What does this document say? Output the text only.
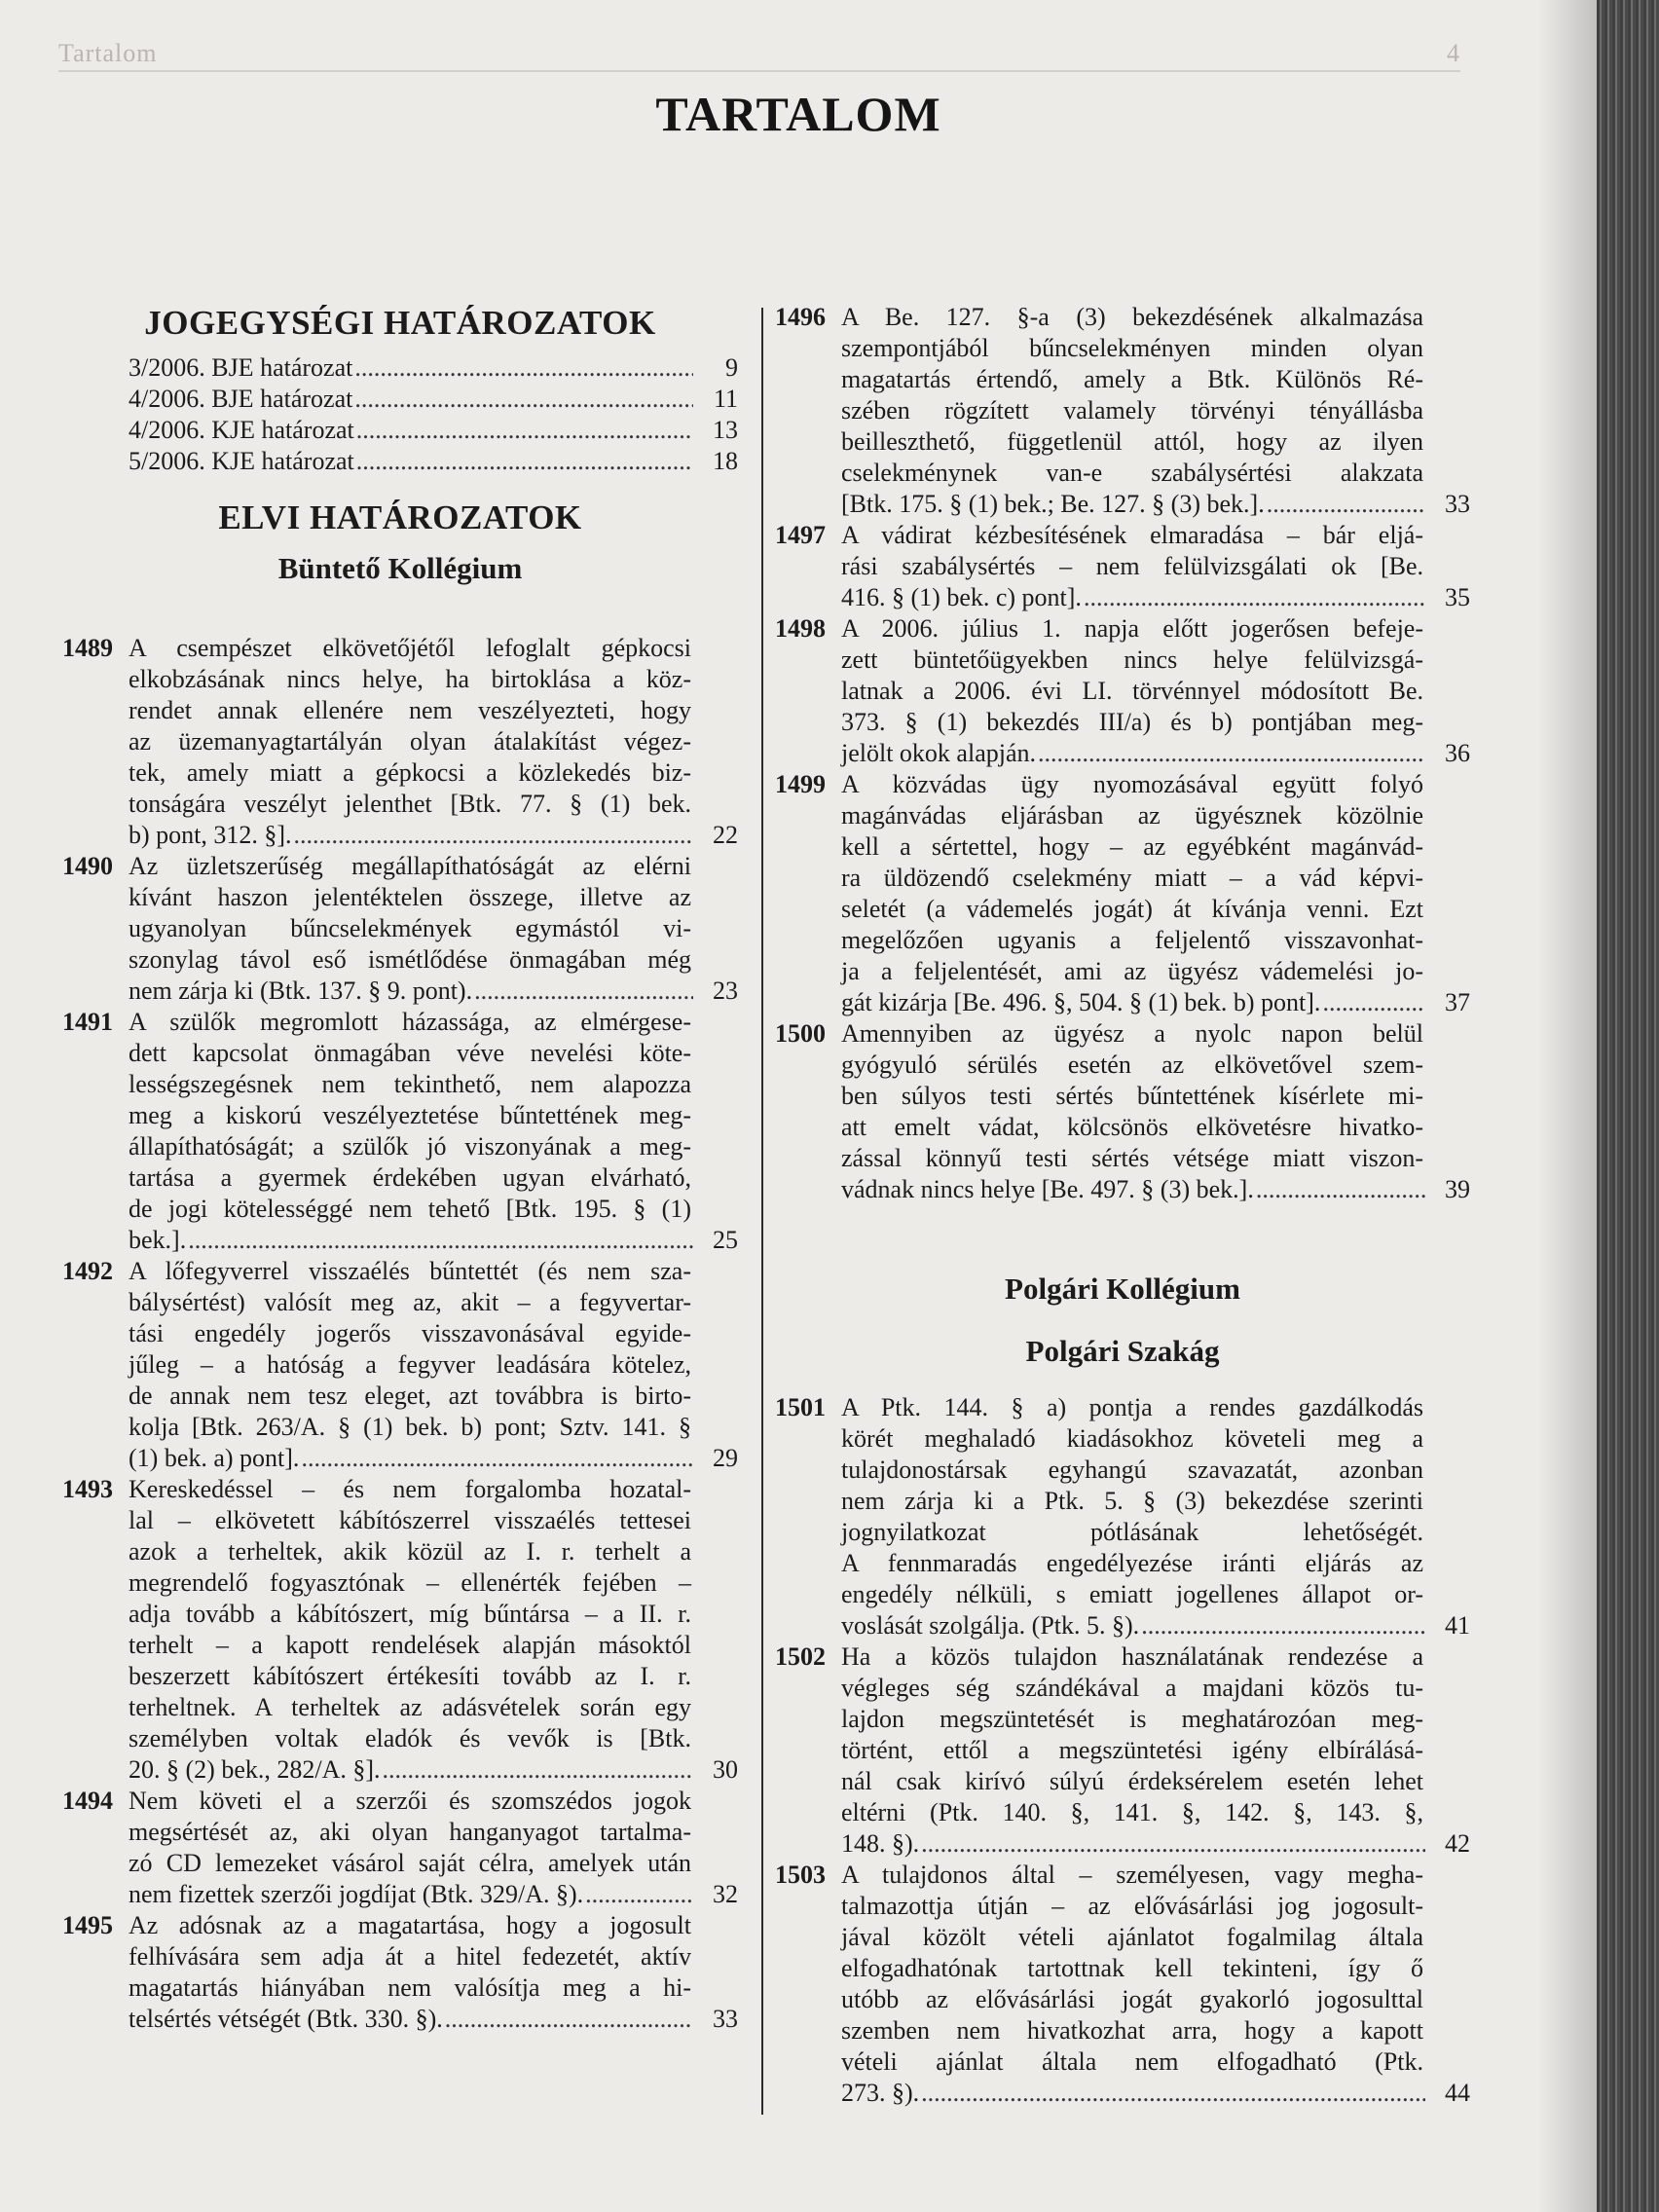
Tartalom	4
TARTALOM
JOGEGYSÉGI HATÁROZATOK
3/2006. BJE határozat .....	9
4/2006. BJE határozat .....	11
4/2006. KJE határozat .....	13
5/2006. KJE határozat .....	18
ELVI HATÁROZATOK
Büntető Kollégium
1489 A csempészet elkövetőjétől lefoglalt gépkocsi
elkobzásának nincs helye, ha birtoklása a köz-
rendet annak ellenére nem veszélyezteti, hogy
az üzemanyagtartályán olyan átalakítást végez-
tek, amely miatt a gépkocsi a közlekedés biz-
tonságára veszélyt jelenthet [Btk. 77. § (1) bek.
b) pont, 312. §]. .....	22
1490 Az üzletszerűség megállapíthatóságát az elérni
kívánt haszon jelentéktelen összege, illetve az
ugyanolyan bűncselekmények egymástól vi-
szonylag távol eső ismétlődése önmagában még
nem zárja ki (Btk. 137. § 9. pont). .....	23
1491 A szülők megromlott házassága, az elmérgese-
dett kapcsolat önmagában véve nevelési köte-
lességszegésnek nem tekinthető, nem alapozza
meg a kiskorú veszélyeztetése bűntettének meg-
állapíthatóságát; a szülők jó viszonyának a meg-
tartása a gyermek érdekében ugyan elvárható,
de jogi kötelességgé nem tehető [Btk. 195. § (1)
bek.]. .....	25
1492 A lőfegyverrel visszaélés bűntettét (és nem sza-
bálysértést) valósít meg az, akit – a fegyvertar-
tási engedély jogerős visszavonásával egyide-
jűleg – a hatóság a fegyver leadására kötelez,
de annak nem tesz eleget, azt továbbra is birto-
kolja [Btk. 263/A. § (1) bek. b) pont; Sztv. 141. §
(1) bek. a) pont]. .....	29
1493 Kereskedéssel – és nem forgalomba hozatal-
lal – elkövetett kábítószerrel visszaélés tettesei
azok a terheltek, akik közül az I. r. terhelt a
megrendelő fogyasztónak – ellenérték fejében –
adja tovább a kábítószert, míg bűntársa – a II. r.
terhelt – a kapott rendelések alapján másoktól
beszerzett kábítószert értékesíti tovább az I. r.
terheltnek. A terheltek az adásvételek során egy
személyben voltak eladók és vevők is [Btk.
20. § (2) bek., 282/A. §]. .....	30
1494 Nem követi el a szerzői és szomszédos jogok
megsértését az, aki olyan hanganyagot tartalma-
zó CD lemezeket vásárol saját célra, amelyek után
nem fizettek szerzői jogdíjat (Btk. 329/A. §). .....	32
1495 Az adósnak az a magatartása, hogy a jogosult
felhívására sem adja át a hitel fedezetét, aktív
magatartás hiányában nem valósítja meg a hi-
telsértés vétségét (Btk. 330. §). .....	33
1496 A Be. 127. §-a (3) bekezdésének alkalmazása
szempontjából bűncselekményen minden olyan
magatartás értendő, amely a Btk. Különös Ré-
szében rögzített valamely törvényi tényállásba
beilleszthető, függetlenül attól, hogy az ilyen
cselekménynek van-e szabálysértési alakzata
[Btk. 175. § (1) bek.; Be. 127. § (3) bek.]. .....	33
1497 A vádirat kézbesítésének elmaradása – bár eljá-
rási szabálysértés – nem felülvizsgálati ok [Be.
416. § (1) bek. c) pont]. .....	35
1498 A 2006. július 1. napja előtt jogerősen befeje-
zett büntetőügyekben nincs helye felülvizsgá-
latnak a 2006. évi LI. törvénnyel módosított Be.
373. § (1) bekezdés III/a) és b) pontjában meg-
jelölt okok alapján. .....	36
1499 A közvádas ügy nyomozásával együtt folyó
magánvádas eljárásban az ügyésznek közölnie
kell a sértettel, hogy – az egyébként magánvád-
ra üldözendő cselekmény miatt – a vád képvi-
seletét (a vádemelés jogát) át kívánja venni. Ezt
megelőzően ugyanis a feljelentő visszavonhat-
ja a feljelentését, ami az ügyész vádemelési jo-
gát kizárja [Be. 496. §, 504. § (1) bek. b) pont]. .....	37
1500 Amennyiben az ügyész a nyolc napon belül
gyógyuló sérülés esetén az elkövetővel szem-
ben súlyos testi sértés bűntettének kísérlete mi-
att emelt vádat, kölcsönös elkövetésre hivatko-
zással könnyű testi sértés vétsége miatt viszon-
vádnak nincs helye [Be. 497. § (3) bek.]. .....	39
Polgári Kollégium
Polgári Szakág
1501 A Ptk. 144. § a) pontja a rendes gazdálkodás
körét meghaladó kiadásokhoz követeli meg a
tulajdonostársak egyhangú szavazatát, azonban
nem zárja ki a Ptk. 5. § (3) bekezdése szerinti
jognyilatkozat pótlásának lehetőségét.
A fennmaradás engedélyezése iránti eljárás az
engedély nélküli, s emiatt jogellenes állapot or-
voslását szolgálja. (Ptk. 5. §). .....	41
1502 Ha a közös tulajdon használatának rendezése a
végleges ség szándékával a majdani közös tu-
lajdon megszüntetését is meghatározóan meg-
történt, ettől a megszüntetési igény elbírálásá-
nál csak kirívó súlyú érdeksérelem esetén lehet
eltérni (Ptk. 140. §, 141. §, 142. §, 143. §,
148. §). .....	42
1503 A tulajdonos által – személyesen, vagy megha-
talmazottja útján – az elővásárlási jog jogosult-
jával közölt vételi ajánlatot fogalmilag általa
elfogadhatónak tartottnak kell tekinteni, így ő
utóbb az elővásárlási jogát gyakorló jogosulttal
szemben nem hivatkozhat arra, hogy a kapott
vételi ajánlat általa nem elfogadható (Ptk.
273. §). .....	44
